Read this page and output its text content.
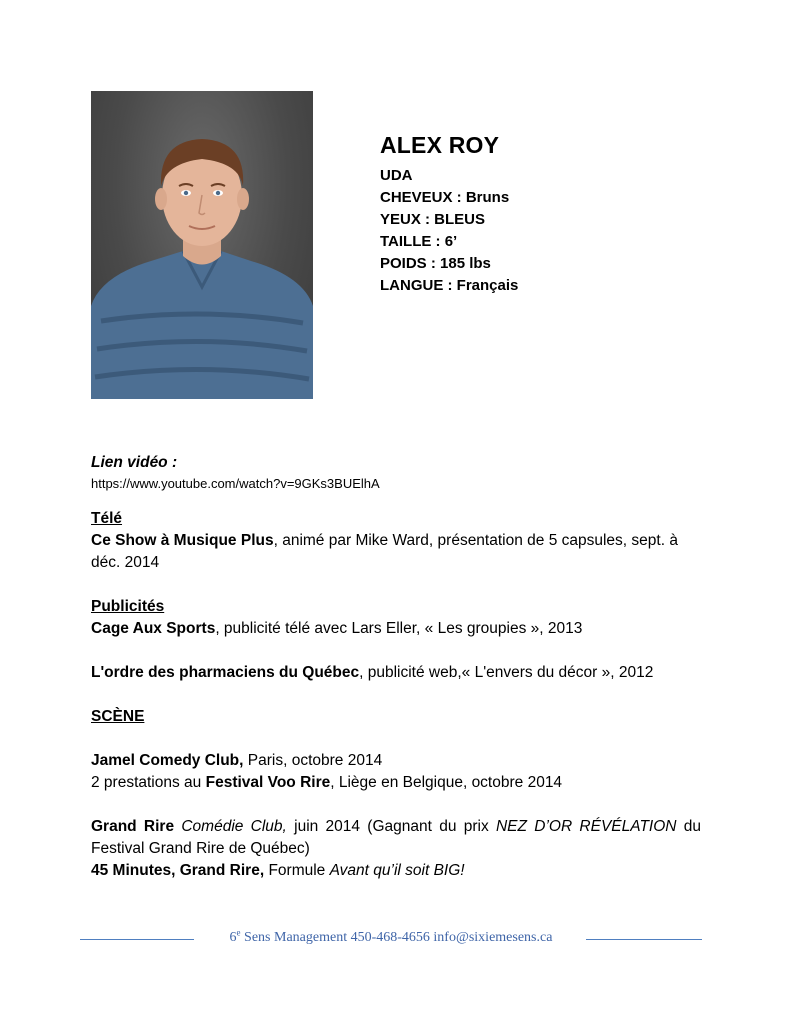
ALEX ROY
UDA
CHEVEUX : Bruns
YEUX : BLEUS
TAILLE : 6’
POIDS : 185 lbs
LANGUE : Français
Lien vidéo :
https://www.youtube.com/watch?v=9GKs3BUElhA
Télé
Ce Show à Musique Plus, animé par Mike Ward, présentation de 5 capsules, sept. à déc. 2014
Publicités
Cage Aux Sports, publicité télé avec Lars Eller, « Les groupies », 2013
L'ordre des pharmaciens du Québec, publicité web,« L'envers du décor », 2012
SCÈNE
Jamel Comedy Club, Paris, octobre 2014
2 prestations au Festival Voo Rire, Liège en Belgique, octobre 2014
Grand Rire Comédie Club, juin 2014 (Gagnant du prix NEZ D’OR RÉVÉLATION du Festival Grand Rire de Québec)
45 Minutes, Grand Rire, Formule Avant qu’il soit BIG!
6e Sens Management 450-468-4656 info@sixiemesens.ca
